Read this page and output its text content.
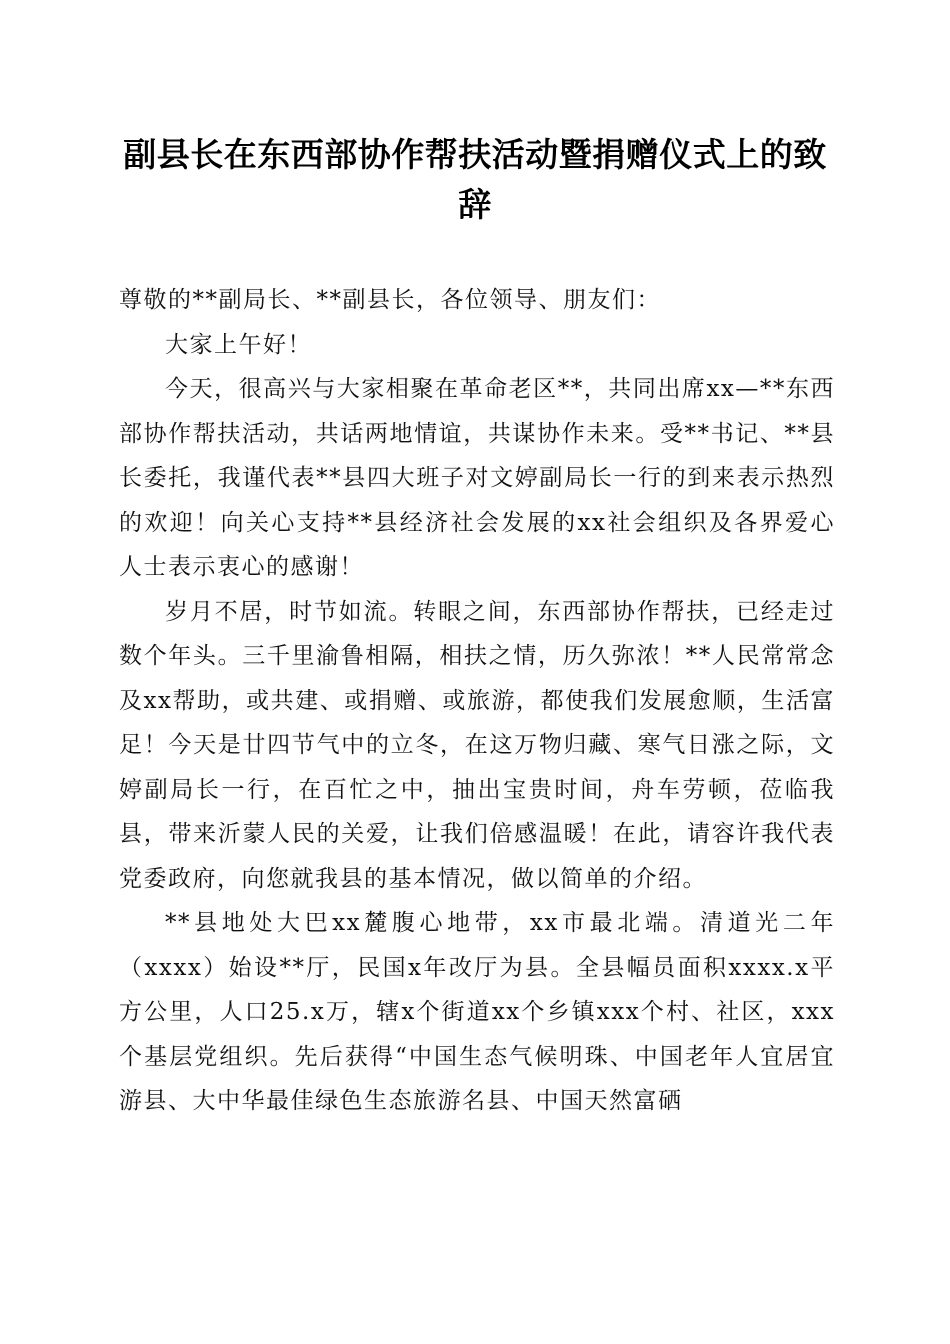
副县长在东西部协作帮扶活动暨捐赠仪式上的致辞

尊敬的**副局长、**副县长，各位领导、朋友们：

大家上午好！

今天，很高兴与大家相聚在革命老区**，共同出席xx—**东西部协作帮扶活动，共话两地情谊，共谋协作未来。受**书记、**县长委托，我谨代表**县四大班子对文婷副局长一行的到来表示热烈的欢迎！向关心支持**县经济社会发展的xx社会组织及各界爱心人士表示衷心的感谢！

岁月不居，时节如流。转眼之间，东西部协作帮扶，已经走过数个年头。三千里渝鲁相隔，相扶之情，历久弥浓！**人民常常念及xx帮助，或共建、或捐赠、或旅游，都使我们发展愈顺，生活富足！今天是廿四节气中的立冬，在这万物归藏、寒气日涨之际，文婷副局长一行，在百忙之中，抽出宝贵时间，舟车劳顿，莅临我县，带来沂蒙人民的关爱，让我们倍感温暖！在此，请容许我代表党委政府，向您就我县的基本情况，做以简单的介绍。

**县地处大巴xx麓腹心地带，xx市最北端。清道光二年（xxxx）始设**厅，民国x年改厅为县。全县幅员面积xxxx.x平方公里，人口25.x万，辖x个街道xx个乡镇xxx个村、社区，xxx个基层党组织。先后获得“中国生态气候明珠、中国老年人宜居宜游县、大中华最佳绿色生态旅游名县、中国天然富硒
